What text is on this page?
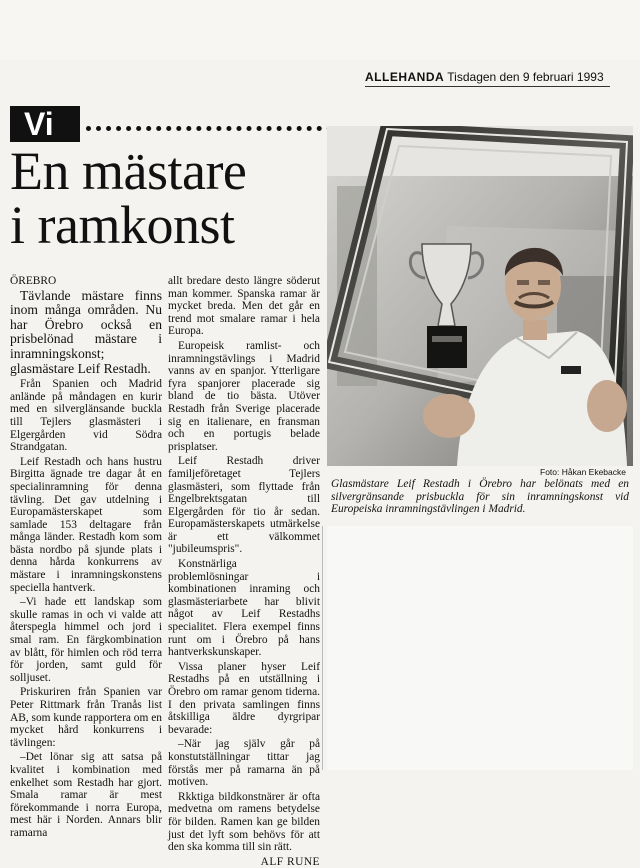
ALLEHANDA Tisdagen den 9 februari 1993
Vi
En mästare
i ramkonst
ÖREBRO

Tävlande mästare finns inom många områden. Nu har Örebro också en prisbelönad mästare i inramningskonst; glasmästare Leif Restadh.

Från Spanien och Madrid anlände på måndagen en kurir med en silverglänsande buckla till Tejlers glasmästeri i Elgergården vid Södra Strandgatan.

Leif Restadh och hans hustru Birgitta ägnade tre dagar åt en specialinramning för denna tävling. Det gav utdelning i Europamästerskapet som samlade 153 deltagare från många länder. Restadh kom som bästa nordbo på sjunde plats i denna hårda konkurrens av mästare i inramningskonstens speciella hantverk.

–Vi hade ett landskap som skulle ramas in och vi valde att återspegla himmel och jord i smal ram. En färgkombination av blått, för himlen och röd terra för jorden, samt guld för solljuset.

Priskuriren från Spanien var Peter Rittmark från Tranås list AB, som kunde rapportera om en mycket hård konkurrens i tävlingen:

–Det lönar sig att satsa på kvalitet i kombination med enkelhet som Restadh har gjort. Smala ramar är mest förekommande i norra Europa, mest här i Norden. Annars blir ramarna

allt bredare desto längre söderut man kommer. Spanska ramar är mycket breda. Men det går en trend mot smalare ramar i hela Europa.

Europeisk ramlist- och inramningstävlings i Madrid vanns av en spanjor. Ytterligare fyra spanjorer placerade sig bland de tio bästa. Utöver Restadh från Sverige placerade sig en italienare, en fransman och en portugis belade prisplatser.

Leif Restadh driver familjeföretaget Tejlers glasmästeri, som flyttade från Engelbrektsgatan till Elgergården för tio år sedan. Europamästerskapets utmärkelse är ett välkommet "jubileumspris".

Konstnärliga problemlösningar i kombinationen inraming och glasmästeriarbete har blivit något av Leif Restadhs specialitet. Flera exempel finns runt om i Örebro på hans hantverkskunskaper.

Vissa planer hyser Leif Restadhs på en utställning i Örebro om ramar genom tiderna. I den privata samlingen finns åtskilliga äldre dyrgripar bevarade:

–När jag själv går på konstutställningar tittar jag förstås mer på ramarna än på motiven.

Rkktiga bildkonstnärer är ofta medvetna om ramens betydelse för bilden. Ramen kan ge bilden just det lyft som behövs för att den ska komma till sin rätt.

ALF RUNE
Foto: Håkan Ekebacke
Glasmästare Leif Restadh i Örebro har belönats med en silvergränsande prisbuckla för sin inramningskonst vid Europeiska inramningstävlingen i Madrid.
